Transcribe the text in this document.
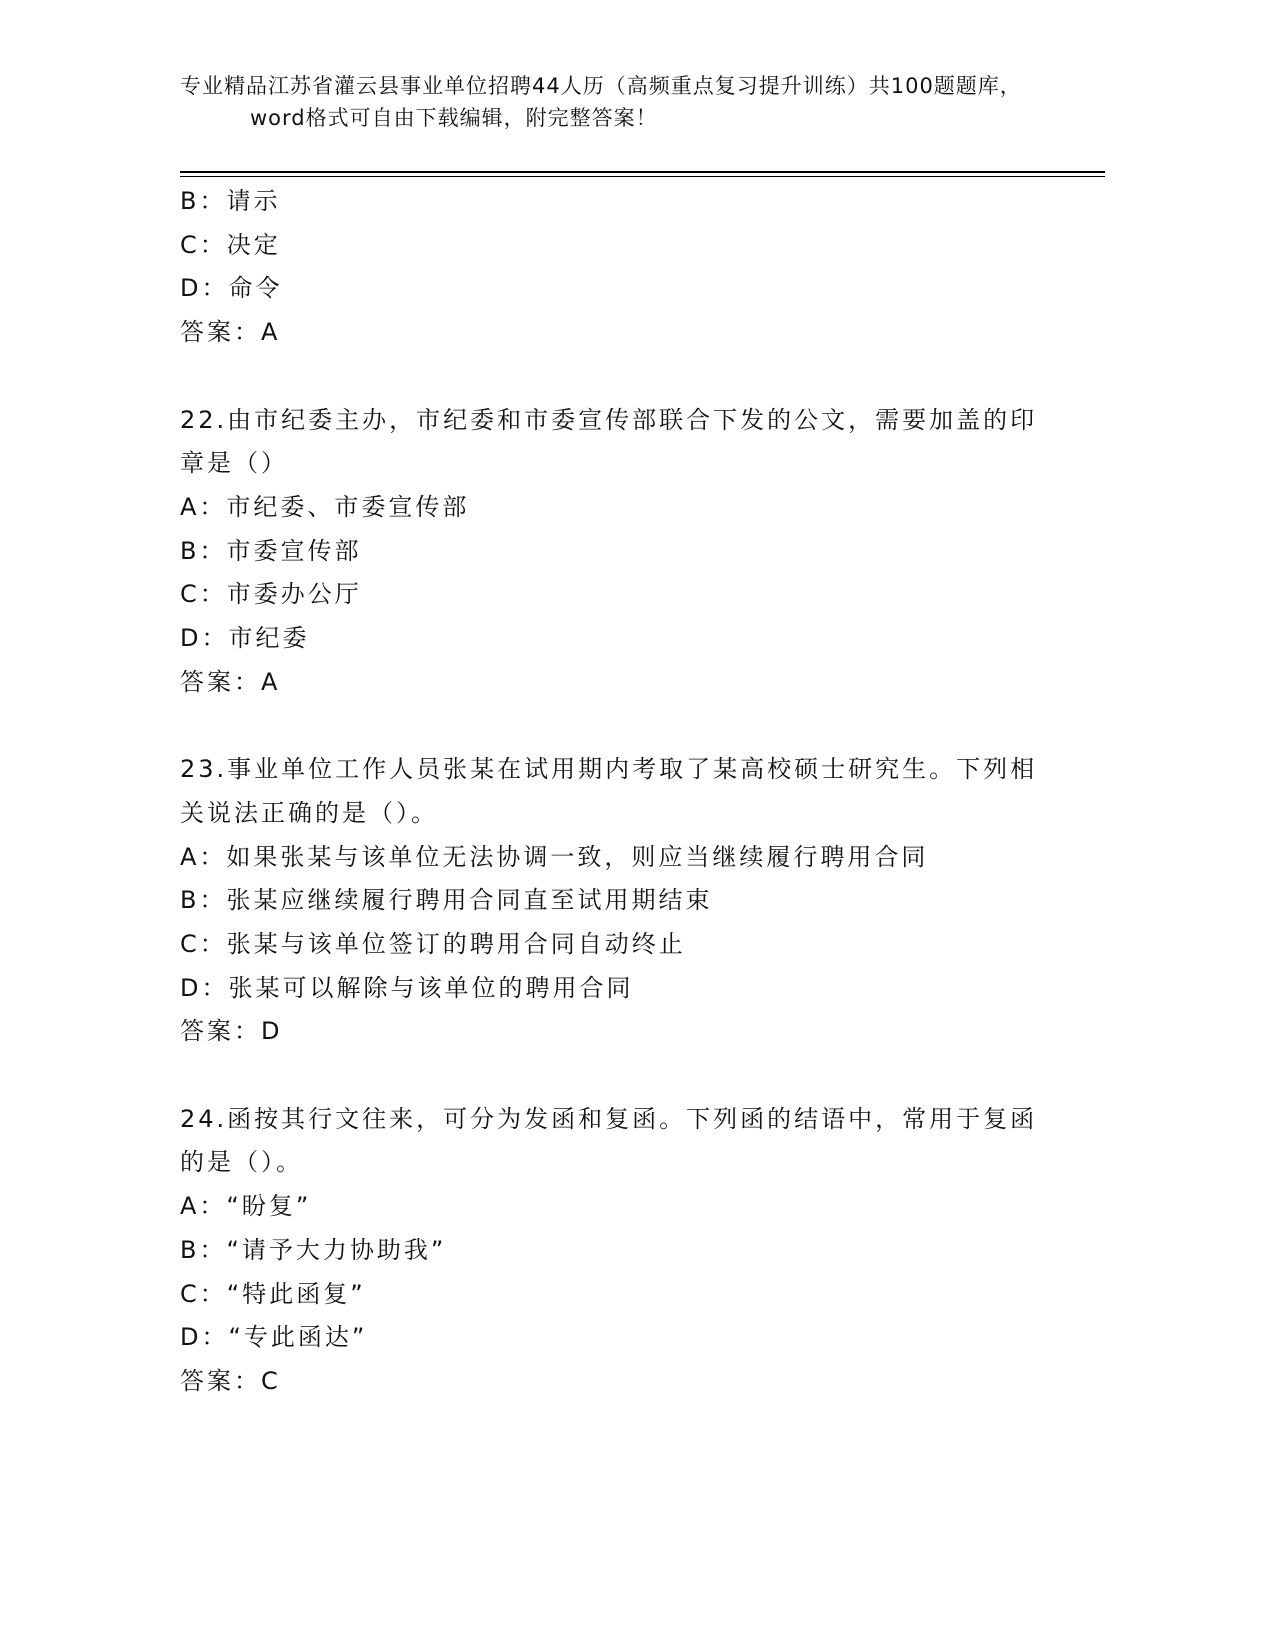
专业精品江苏省灌云县事业单位招聘44人历（高频重点复习提升训练）共100题题库，word格式可自由下载编辑，附完整答案！
B：请示
C：决定
D：命令
答案：A
22.由市纪委主办，市纪委和市委宣传部联合下发的公文，需要加盖的印章是（）
A：市纪委、市委宣传部
B：市委宣传部
C：市委办公厅
D：市纪委
答案：A
23.事业单位工作人员张某在试用期内考取了某高校硕士研究生。下列相关说法正确的是（）。
A：如果张某与该单位无法协调一致，则应当继续履行聘用合同
B：张某应继续履行聘用合同直至试用期结束
C：张某与该单位签订的聘用合同自动终止
D：张某可以解除与该单位的聘用合同
答案：D
24.函按其行文往来，可分为发函和复函。下列函的结语中，常用于复函的是（）。
A：“盼复”
B：“请予大力协助我”
C：“特此函复”
D：“专此函达”
答案：C
